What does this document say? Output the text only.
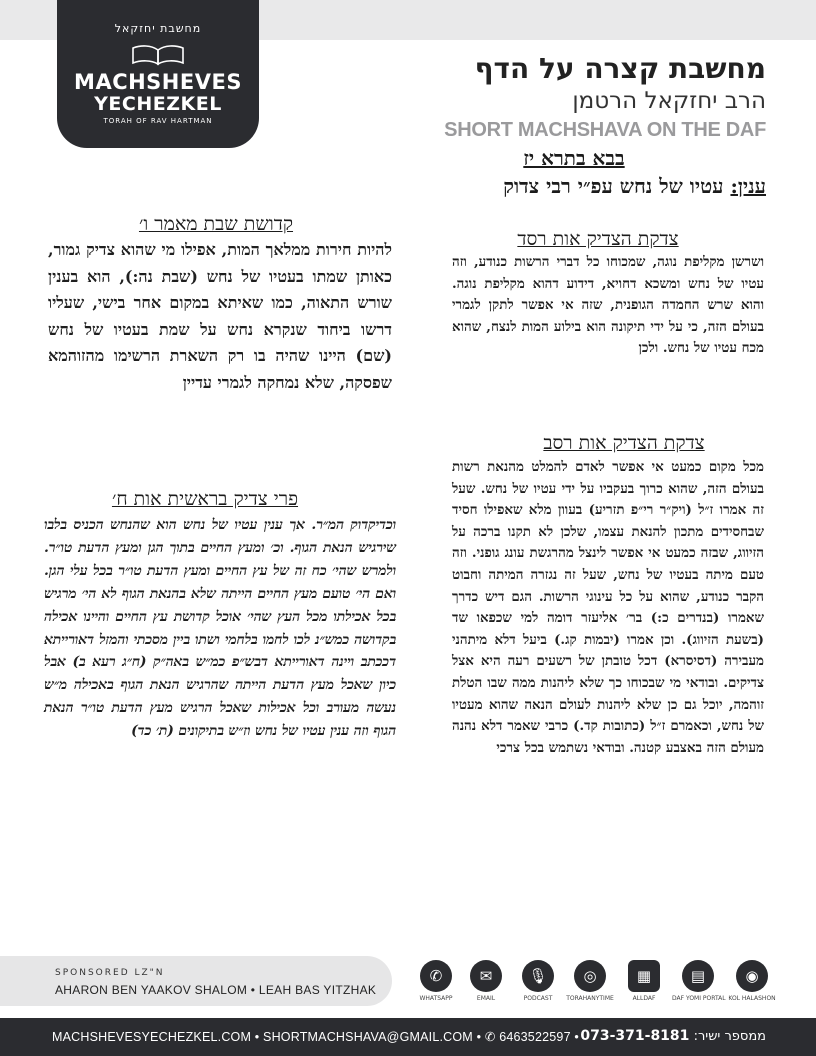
מחשבת יחזקאל
MACHSHEVES
YECHEZKEL
TORAH OF RAV HARTMAN
מחשבת קצרה על הדף
הרב יחזקאל הרטמן
SHORT MACHSHAVA ON THE DAF
בבא בתרא יז
ענין: עטיו של נחש עפ״י רבי צדוק
צדקת הצדיק אות רסד
ושרשן מקליפת נוגה, שמכוחו כל דברי הרשות כנודע, וזה עטיו של נחש ומשכא דחויא, דידוע דהוא מקליפת נוגה. והוא שרש החמדה הגופנית, שזה אי אפשר לתקן לגמרי בעולם הזה, כי על ידי תיקונה הוא בילוע המות לנצח, שהוא מכח עטיו של נחש. ולכן
צדקת הצדיק אות רסב
מכל מקום כמעט אי אפשר לאדם להמלט מהנאת רשות בעולם הזה, שהוא כרוך בעקביו על ידי עטיו של נחש. שעל זה אמרו ז״ל (ויק״ר רי״פ תזריע) בעוון מלא שאפילו חסיד שבחסידים מתכון להנאת עצמו, שלכן לא תקנו ברכה על הזיווג, שבזה כמעט אי אפשר לינצל מהרגשת עונג גופני. וזה טעם מיתה בעטיו של נחש, שעל זה נגזרה המיתה וחבוט הקבר כנודע, שהוא על כל עינוגי הרשות. הגם דיש כדרך שאמרו (בנדרים כ:) בר׳ אליעזר דומה למי שכפאו שד (בשעת הזיווג). וכן אמרו (יבמות קג.) ביעל דלא מיתהני מעבירה (דסיסרא) דכל טובתן של רשעים רעה היא אצל צדיקים. ובודאי מי שבכוחו כך שלא ליהנות ממה שבו הטלת זוהמה, יוכל גם כן שלא ליהנות לעולם הנאה שהוא מעטיו של נחש, וכאמרם ז״ל (כתובות קד.) כרבי שאמר דלא נהנה מעולם הזה באצבע קטנה. ובודאי נשתמש בכל צרכי
קדושת שבת מאמר ו׳
להיות חירות ממלאך המות, אפילו מי שהוא צדיק גמור, כאותן שמתו בעטיו של נחש (שבת נה:), הוא בענין שורש התאוה, כמו שאיתא במקום אחר בישי, שעליו דרשו ביחוד שנקרא נחש על שמת בעטיו של נחש (שם) היינו שהיה בו רק השארת הרשימו מהזוהמא שפסקה, שלא נמחקה לגמרי עדיין
פרי צדיק בראשית אות ח׳
וכדיקדוק המ״ר. אך ענין עטיו של נחש הוא שהנחש הכניס בלבו שירגיש הנאת הגוף. וכ׳ ומעץ החיים בתוך הגן ומעץ הדעת טו״ר. ולמרש שהי׳ כח זה של עץ החיים ומעץ הדעת טו״ר בכל עלי הגן. ואם הי׳ טועם מעץ החיים הייתה שלא בהנאת הגוף לא הי׳ מרגיש בכל אכילתו מכל העץ שהי׳ אוכל קדושת עץ החיים והיינו אכילה בקדושה כמש״נ לכו לחמו בלחמי ושתו ביין מסכתי והמזל דאורייתא דככתב ויינה דאורייתא דבש״פ כמ״ש באה״ק (ח״ג רעא ב) אבל כיון שאכל מעץ הדעת הייתה שהרגיש הנאת הגוף באכילה מ״ש נעשה מעורב וכל אכילות שאכל הרגיש מעץ הדעת טו״ר הנאת הגוף וזה ענין עטיו של נחש וז״ש בתיקונים (ת׳ כד)
SPONSORED LZ"N
AHARON BEN YAAKOV SHALOM • LEAH BAS YITZHAK
✆
WHATSAPP
✉
EMAIL
🎙
PODCAST
◎
TORAHANYTIME
▦
ALLDAF
▤
DAF YOMI PORTAL
◉
KOL HALASHON
MACHSHEVESYECHEZKEL.COM • SHORTMACHSHAVA@GMAIL.COM • ✆ 6463522597 •	ממספר ישיר: 073-371-8181
